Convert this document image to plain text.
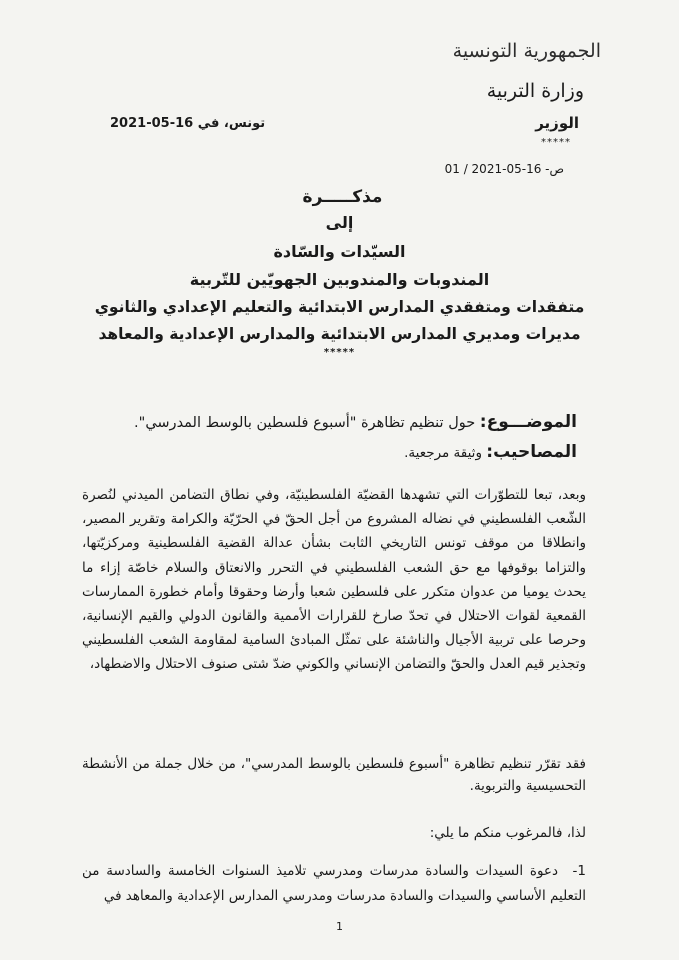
الجمهورية التونسية
وزارة التربية
الوزير
*****
ص- 16-05-2021 / 01
تونس، في 16-05-2021
مذكـــــرة
إلى
السيّدات والسّادة
المندوبات والمندوبين الجهويّين للتّربية
متفقدات ومتفقدي المدارس الابتدائية والتعليم الإعدادي والثانوي
مديرات ومديري المدارس الابتدائية والمدارس الإعدادية والمعاهد
*****
الموضـــوع: حول تنظيم تظاهرة "أسبوع فلسطين بالوسط المدرسي".
المصاحيب: وثيقة مرجعية.
وبعد، تبعا للتطوّرات التي تشهدها القضيّة الفلسطينيّة، وفي نطاق التضامن الميدني لنُصرة الشّعب الفلسطيني في نضاله المشروع من أجل الحقّ في الحرّيّة والكرامة وتقرير المصير، وانطلاقا من موقف تونس التاريخي الثابت بشأن عدالة القضية الفلسطينية ومركزيّتها، والتزاما بوقوفها مع حق الشعب الفلسطيني في التحرر والانعتاق والسلام خاصّة إزاء ما يحدث يوميا من عدوان متكرر على فلسطين شعبا وأرضا وحقوقا وأمام خطورة الممارسات القمعية لقوات الاحتلال في تحدّ صارخ للقرارات الأممية والقانون الدولي والقيم الإنسانية، وحرصا على تربية الأجيال والناشئة على تمثّل المبادئ السامية لمقاومة الشعب الفلسطيني وتجذير قيم العدل والحقّ والتضامن الإنساني والكوني ضدّ شتى صنوف الاحتلال والاضطهاد،
فقد تقرّر تنظيم تظاهرة "أسبوع فلسطين بالوسط المدرسي"، من خلال جملة من الأنشطة التحسيسية والتربوية.
لذا، فالمرغوب منكم ما يلي:
1-دعوة السيدات والسادة مدرسات ومدرسي تلاميذ السنوات الخامسة والسادسة من التعليم الأساسي والسيدات والسادة مدرسات ومدرسي المدارس الإعدادية والمعاهد في
1
